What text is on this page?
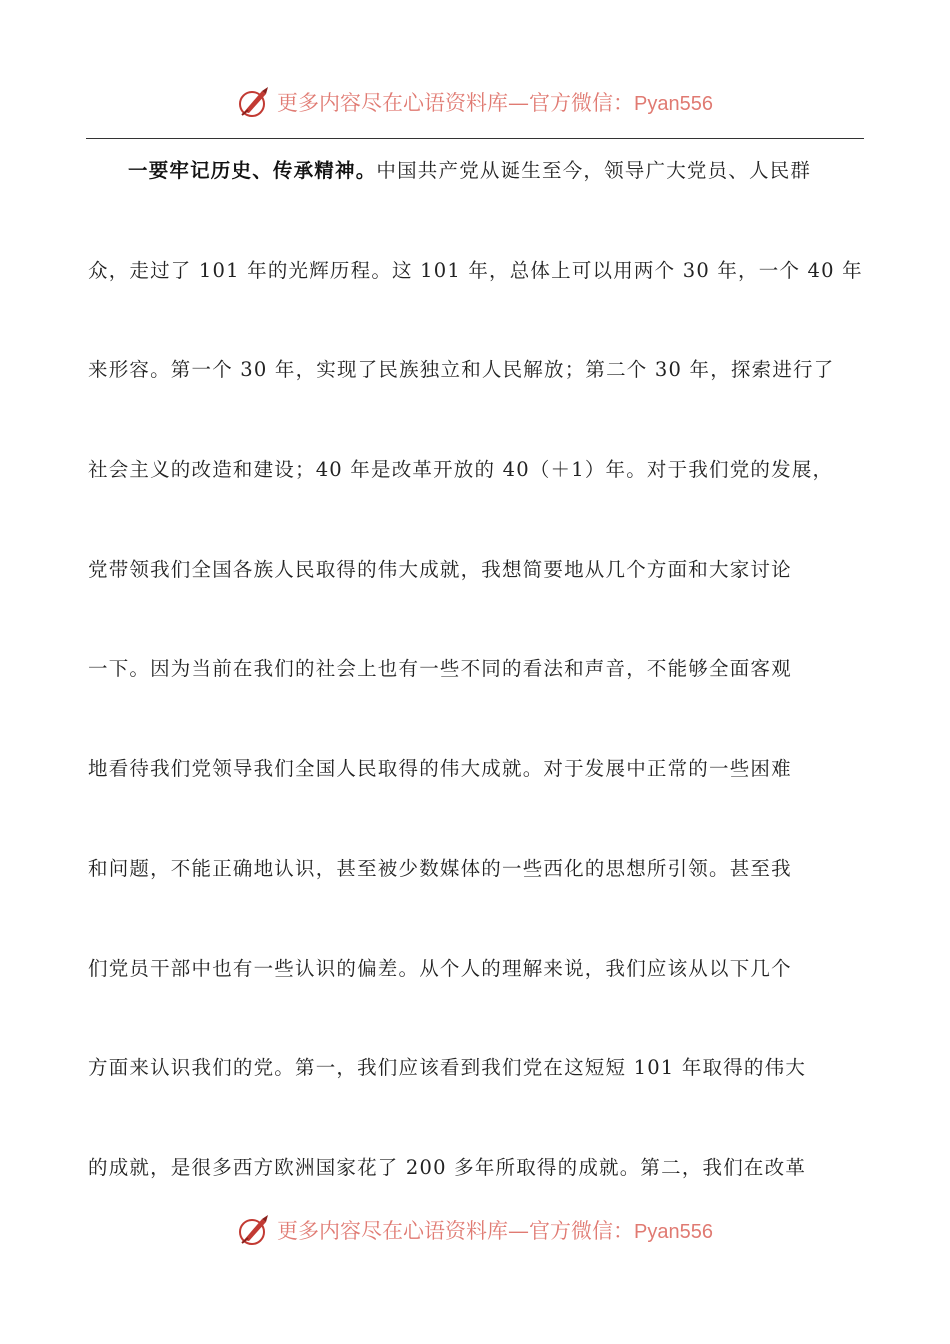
更多内容尽在心语资料库—官方微信：Pyan556
一要牢记历史、传承精神。中国共产党从诞生至今，领导广大党员、人民群
众，走过了 101 年的光辉历程。这 101 年，总体上可以用两个 30 年，一个 40 年
来形容。第一个 30 年，实现了民族独立和人民解放；第二个 30 年，探索进行了
社会主义的改造和建设；40 年是改革开放的 40（＋1）年。对于我们党的发展，
党带领我们全国各族人民取得的伟大成就，我想简要地从几个方面和大家讨论
一下。因为当前在我们的社会上也有一些不同的看法和声音，不能够全面客观
地看待我们党领导我们全国人民取得的伟大成就。对于发展中正常的一些困难
和问题，不能正确地认识，甚至被少数媒体的一些西化的思想所引领。甚至我
们党员干部中也有一些认识的偏差。从个人的理解来说，我们应该从以下几个
方面来认识我们的党。第一，我们应该看到我们党在这短短 101 年取得的伟大
的成就，是很多西方欧洲国家花了 200 多年所取得的成就。第二，我们在改革
更多内容尽在心语资料库—官方微信：Pyan556
